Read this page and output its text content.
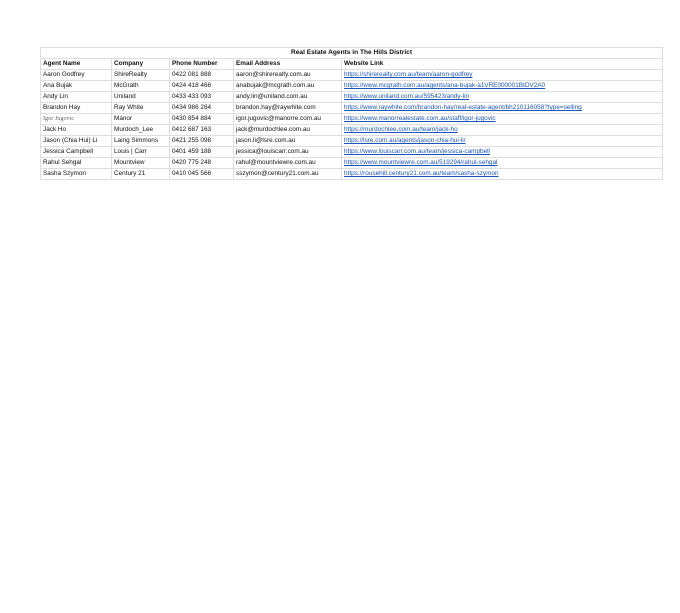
Real Estate Agents in The Hills District				
Agent Name	Company	Phone Number	Email Address	Website Link
Aaron Godfrey	ShireRealty	0422 081 888	aaron@shirerealty.com.au	https://shirerealty.com.au/team/aaron-godfrey
Ana Bujak	McGrath	0424 418 466	anabujak@mcgrath.com.au	https://www.mcgrath.com.au/agents/ana-bujak-a1VRE000001BtDV2A0
Andy Lin	Uniland	0433 433 093	andy.lin@uniland.com.au	https://www.uniland.com.au/595423/andy-lin
Brandon Hay	Ray White	0434 986 284	brandon.hay@raywhite.com	https://www.raywhite.com/brandon-hay/real-estate-agent/bh210116058?type=selling
Igor Jugovic	Manor	0430 854 884	igor.jugovic@manorre.com.au	https://www.manorrealestate.com.au/staff/igor-jugovic
Jack Ho	Murdoch_Lee	0412 687 163	jack@murdochlee.com.au	https://murdochlee.com.au/team/jack-ho
Jason (Chia Hui) Li	Laing Simmons	0421 255 098	jason.li@lsre.com.au	https://lsre.com.au/agents/jason-chia-hui-li/
Jessica Campbell	Louis | Carr	0401 459 188	jessica@louiscarr.com.au	https://www.louiscarr.com.au/team/jessica-campbell
Rahul Sehgal	Mountview	0420 775 248	rahul@mountviewre.com.au	https://www.mountviewre.com.au/519294/rahul-sehgal
Sasha Szymon	Century 21	0410 045 566	sszymon@century21.com.au	https://rousehill.century21.com.au/team/sasha-szymon
